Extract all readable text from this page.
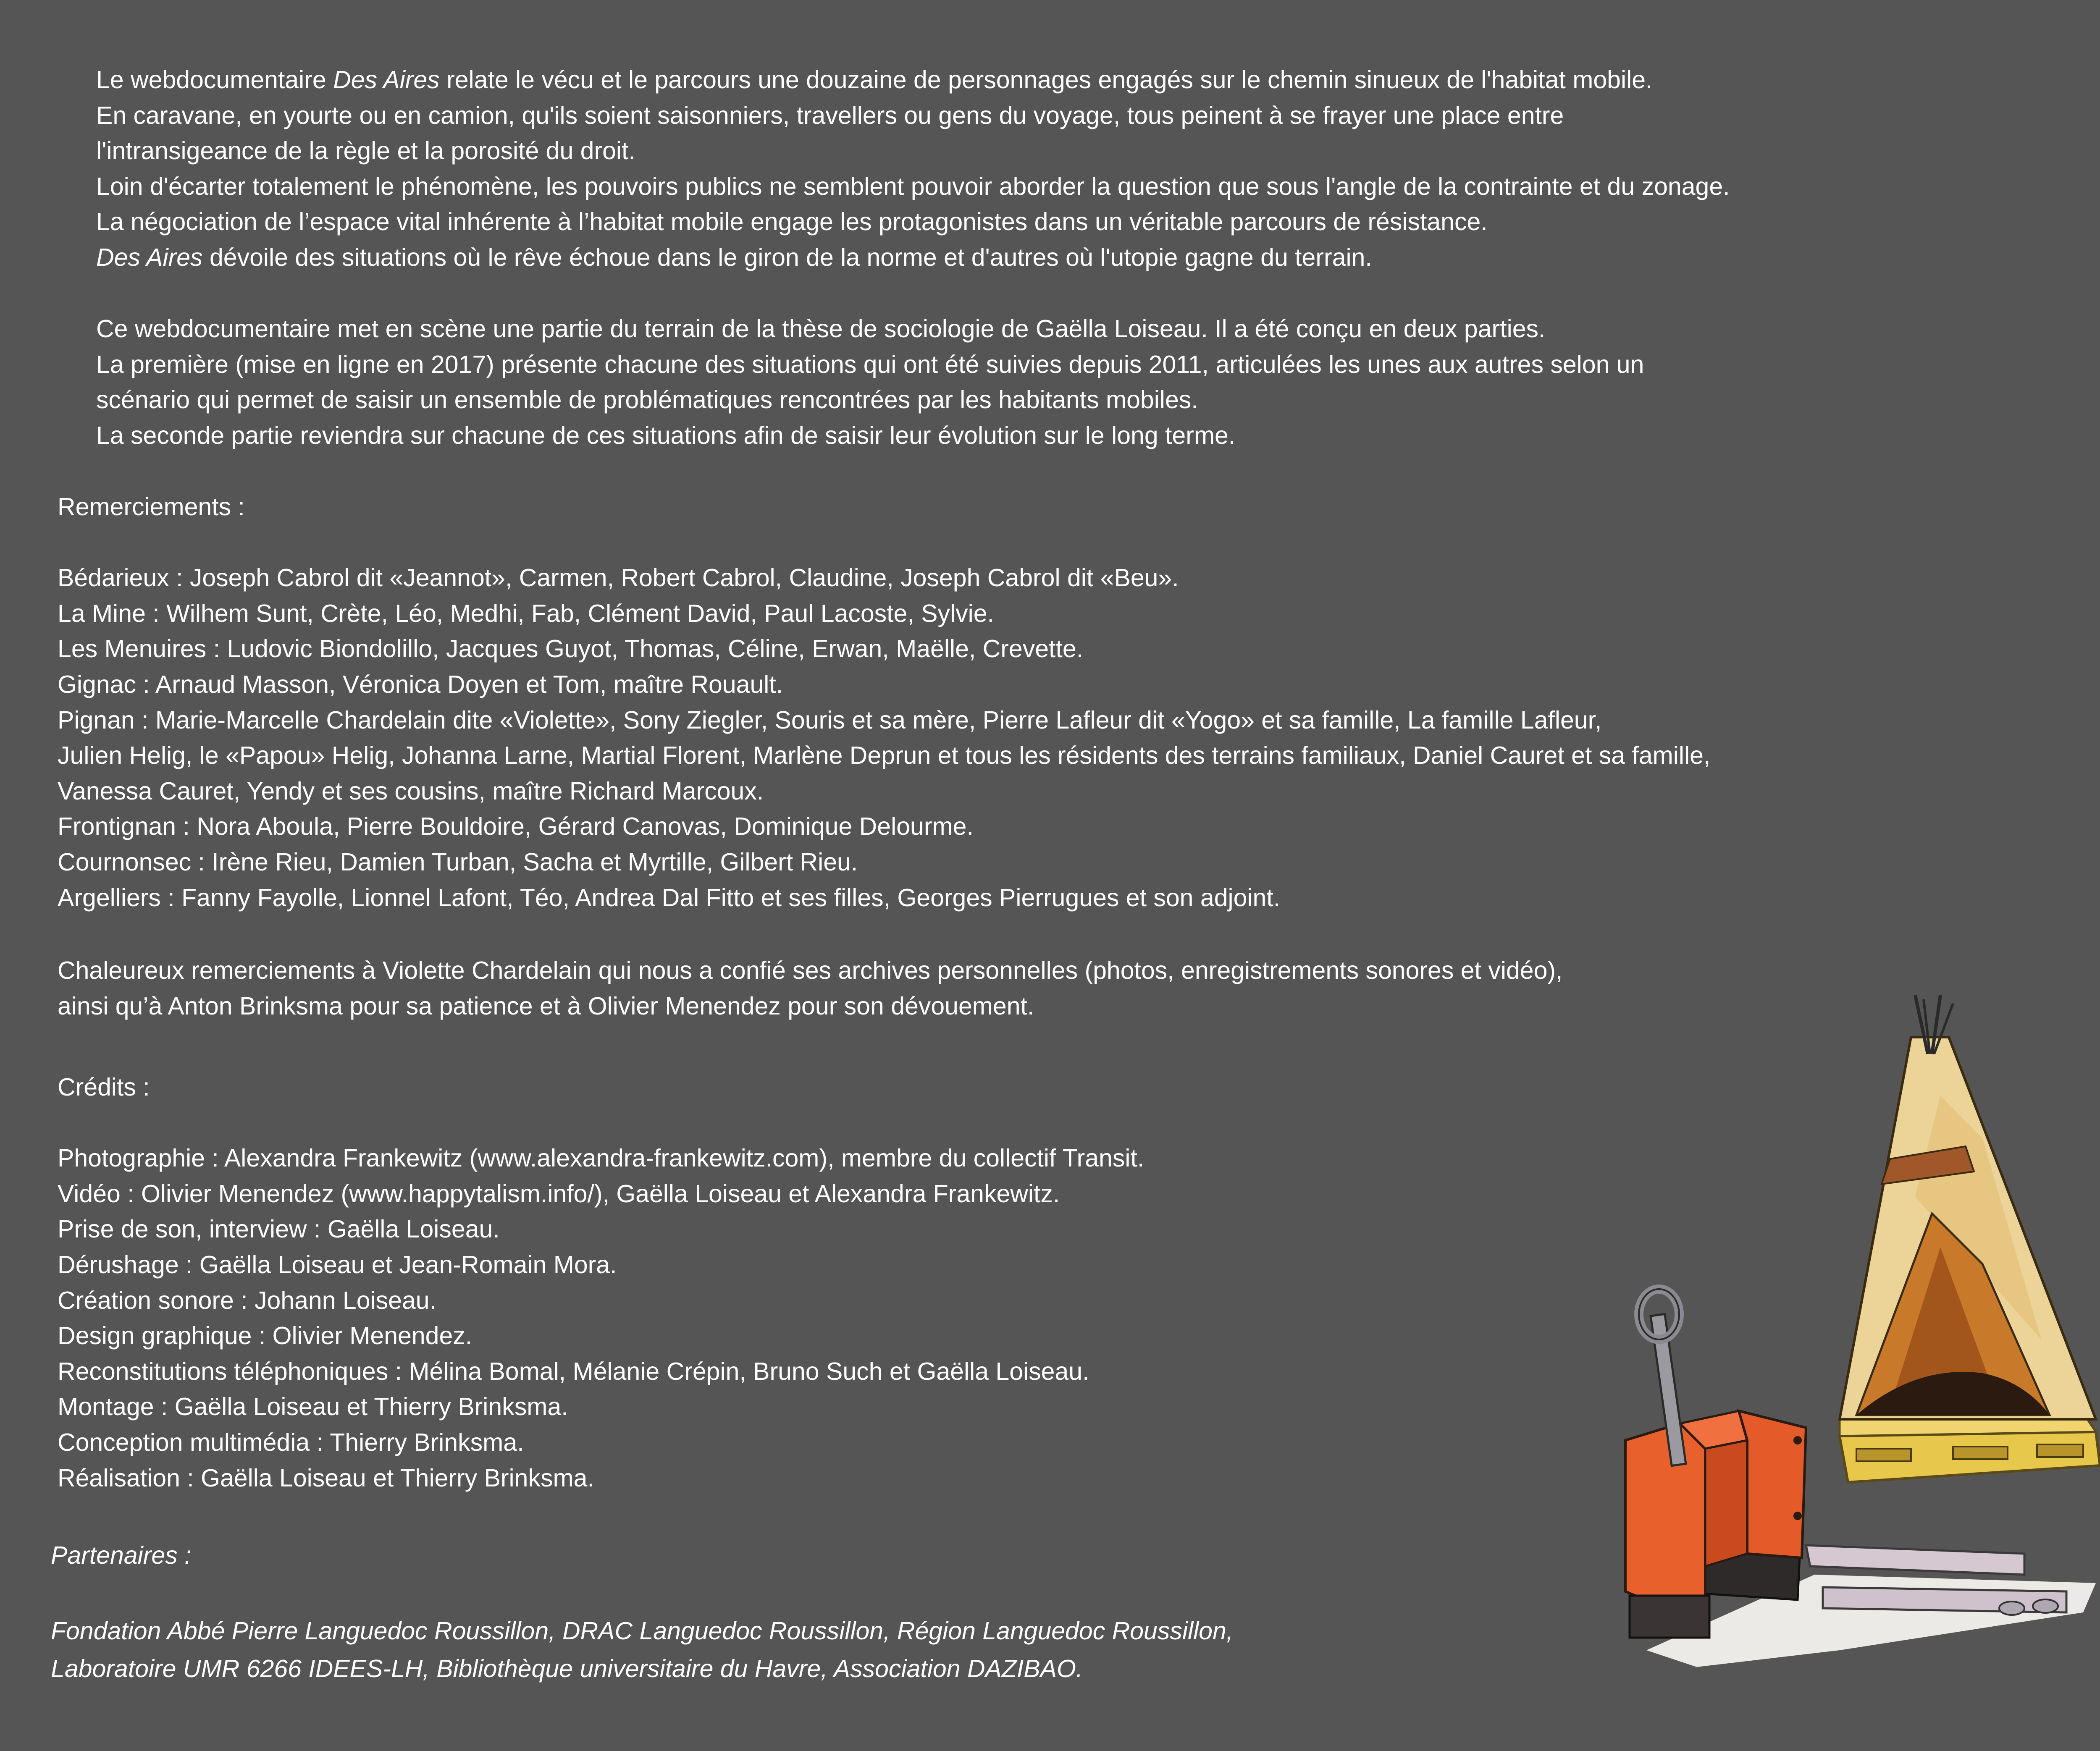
Le webdocumentaire Des Aires relate le vécu et le parcours une douzaine de personnages engagés sur le chemin sinueux de l'habitat mobile.
En caravane, en yourte ou en camion, qu'ils soient saisonniers, travellers ou gens du voyage, tous peinent à se frayer une place entre
l'intransigeance de la règle et la porosité du droit.
Loin d'écarter totalement le phénomène, les pouvoirs publics ne semblent pouvoir aborder la question que sous l'angle de la contrainte et du zonage.
La négociation de l’espace vital inhérente à l’habitat mobile engage les protagonistes dans un véritable parcours de résistance.
Des Aires dévoile des situations où le rêve échoue dans le giron de la norme et d'autres où l'utopie gagne du terrain.
Ce webdocumentaire met en scène une partie du terrain de la thèse de sociologie de Gaëlla Loiseau. Il a été conçu en deux parties.
La première (mise en ligne en 2017) présente chacune des situations qui ont été suivies depuis 2011, articulées les unes aux autres selon un
scénario qui permet de saisir un ensemble de problématiques rencontrées par les habitants mobiles.
La seconde partie reviendra sur chacune de ces situations afin de saisir leur évolution sur le long terme.
Remerciements :
Bédarieux : Joseph Cabrol dit «Jeannot», Carmen, Robert Cabrol, Claudine, Joseph Cabrol dit «Beu».
La Mine : Wilhem Sunt, Crète, Léo, Medhi, Fab, Clément David, Paul Lacoste, Sylvie.
Les Menuires : Ludovic Biondolillo, Jacques Guyot, Thomas, Céline, Erwan, Maëlle, Crevette.
Gignac : Arnaud Masson, Véronica Doyen et Tom, maître Rouault.
Pignan : Marie-Marcelle Chardelain dite «Violette», Sony Ziegler, Souris et sa mère, Pierre Lafleur dit «Yogo» et sa famille, La famille Lafleur,
Julien Helig, le «Papou» Helig, Johanna Larne, Martial Florent, Marlène Deprun et tous les résidents des terrains familiaux, Daniel Cauret et sa famille,
Vanessa Cauret, Yendy et ses cousins, maître Richard Marcoux.
Frontignan : Nora Aboula, Pierre Bouldoire, Gérard Canovas, Dominique Delourme.
Cournonsec : Irène Rieu, Damien Turban, Sacha et Myrtille, Gilbert Rieu.
Argelliers : Fanny Fayolle, Lionnel Lafont, Téo, Andrea Dal Fitto et ses filles, Georges Pierrugues et son adjoint.
Chaleureux remerciements à Violette Chardelain qui nous a confié ses archives personnelles (photos, enregistrements sonores et vidéo),
ainsi qu’à Anton Brinksma pour sa patience et à Olivier Menendez pour son dévouement.
Crédits :
Photographie : Alexandra Frankewitz (www.alexandra-frankewitz.com), membre du collectif Transit.
Vidéo : Olivier Menendez (www.happytalism.info/), Gaëlla Loiseau et Alexandra Frankewitz.
Prise de son, interview : Gaëlla Loiseau.
Dérushage : Gaëlla Loiseau et Jean-Romain Mora.
Création sonore : Johann Loiseau.
Design graphique : Olivier Menendez.
Reconstitutions téléphoniques : Mélina Bomal, Mélanie Crépin, Bruno Such et Gaëlla Loiseau.
Montage : Gaëlla Loiseau et Thierry Brinksma.
Conception multimédia : Thierry Brinksma.
Réalisation : Gaëlla Loiseau et Thierry Brinksma.
Partenaires :
Fondation Abbé Pierre Languedoc Roussillon, DRAC Languedoc Roussillon, Région Languedoc Roussillon,
Laboratoire UMR 6266 IDEES-LH, Bibliothèque universitaire du Havre, Association DAZIBAO.
